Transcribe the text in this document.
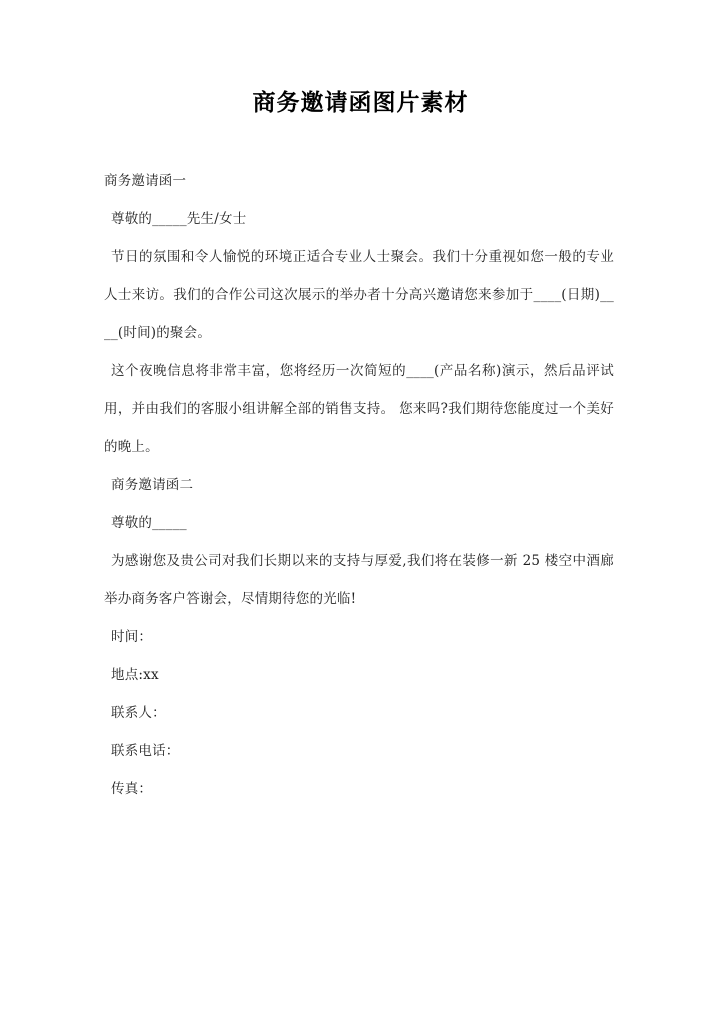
商务邀请函图片素材

商务邀请函一

尊敬的_____先生/女士

节日的氛围和令人愉悦的环境正适合专业人士聚会。我们十分重视如您一般的专业人士来访。我们的合作公司这次展示的举办者十分高兴邀请您来参加于____(日期)____(时间)的聚会。

这个夜晚信息将非常丰富，您将经历一次简短的____(产品名称)演示，然后品评试用，并由我们的客服小组讲解全部的销售支持。 您来吗?我们期待您能度过一个美好的晚上。

商务邀请函二

尊敬的_____

为感谢您及贵公司对我们长期以来的支持与厚爱,我们将在装修一新 25 楼空中酒廊举办商务客户答谢会，尽情期待您的光临!

时间：

地点:xx

联系人：

联系电话：

传真：
